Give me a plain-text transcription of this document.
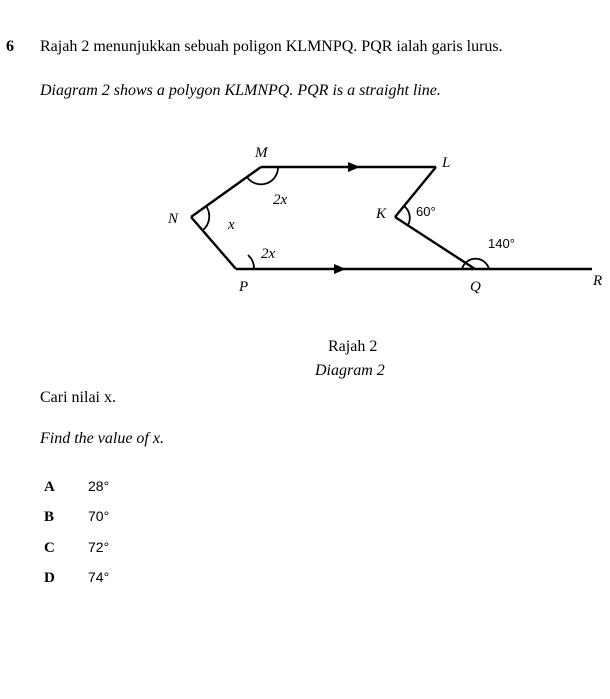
6 Rajah 2 menunjukkan sebuah poligon KLMNPQ. PQR ialah garis lurus.
Diagram 2 shows a polygon KLMNPQ. PQR is a straight line.
M
L
N	K
P	Q	R
2x
x
2x
60°
140°
Rajah 2
Diagram 2
Cari nilai x.
Find the value of x.
A 28°
B 70°
C 72°
D 74°
